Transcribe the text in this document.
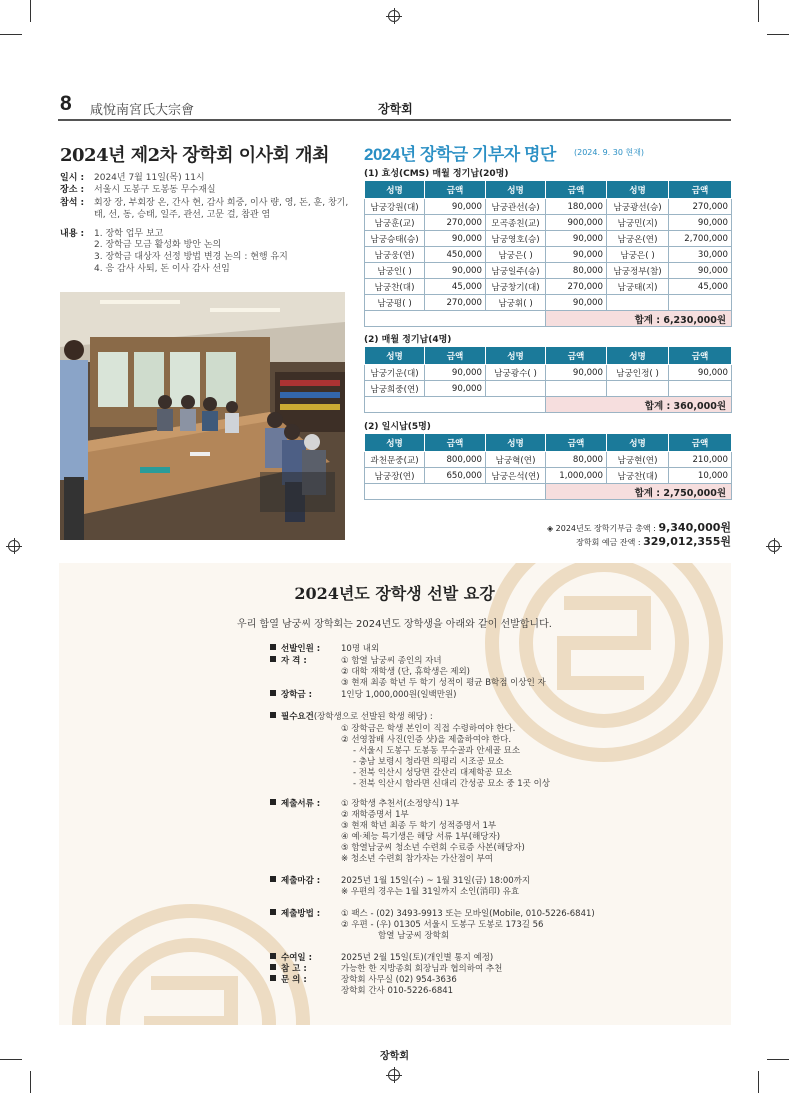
8 咸悅南宮氏大宗會	장학회
2024년 제2차 장학회 이사회 개최
일시 :	2024년 7월 11일(목) 11시
장소 :	서울시 도봉구 도봉동 무수재실
참석 :	회장 장, 부회장 온, 간사 현, 감사 희중, 이사 량, 영, 돈, 훈, 창기,
태, 선, 동, 승태, 일주, 관선, 고문 걸, 참관 염
내용 :	1. 장학 업무 보고
2. 장학금 모금 활성화 방안 논의
3. 장학금 대상자 선정 방법 변경 논의 : 현행 유지
4. 응 감사 사퇴, 돈 이사 감사 선임
2024년 장학금 기부자 명단 (2024. 9. 30 현재)
(1) 효성(CMS) 매월 정기납(20명)
성명	금액	성명	금액	성명	금액
남궁강원(대)	90,000	남궁관선(승)	180,000	남궁광선(승)	270,000
남궁훈(교)	270,000	모곡종친(교)	900,000	남궁민(지)	90,000
남궁승태(승)	90,000	남궁영호(승)	90,000	남궁온(연)	2,700,000
남궁웅(연)	450,000	남궁은( )	90,000	남궁은( )	30,000
남궁인( )	90,000	남궁일주(승)	80,000	남궁정부(참)	90,000
남궁찬(대)	45,000	남궁창기(대)	270,000	남궁태(지)	45,000
남궁평( )	270,000	남궁휘( )	90,000		
			합계 : 6,230,000원		
(2) 매월 정기납(4명)
성명	금액	성명	금액	성명	금액
남궁기운(대)	90,000	남궁광수( )	90,000	남궁인정( )	90,000
남궁희중(연)	90,000				
			합계 : 360,000원		
(2) 일시납(5명)
성명	금액	성명	금액	성명	금액
과천문중(교)	800,000	남궁혁(연)	80,000	남궁현(연)	210,000
남궁장(연)	650,000	남궁은석(연)	1,000,000	남궁찬(대)	10,000
			합계 : 2,750,000원		
◈ 2024년도 장학기부금 총액 : 9,340,000원
장학회 예금 잔액 : 329,012,355원
2024년도 장학생 선발 요강
우리 함열 남궁씨 장학회는 2024년도 장학생을 아래와 같이 선발합니다.
선발인원 : 10명 내외
자 격 :	① 함열 남궁씨 종인의 자녀
② 대학 재학생 (단, 휴학생은 제외)
③ 현재 최종 학년 두 학기 성적이 평균 B학점 이상인 자
장학금 :	1인당 1,000,000원(일백만원)
필수요건(장학생으로 선발된 학생 해당) :
① 장학금은 학생 본인이 직접 수령하여야 한다.
② 선영참배 사진(인증 샷)을 제출하여야 한다.
- 서울시 도봉구 도봉동 무수골과 안세골 묘소
- 충남 보령시 청라면 의평리 시조공 묘소
- 전북 익산시 성당면 갈산리 대제학공 묘소
- 전북 익산시 함라면 신대리 간성공 묘소 중 1곳 이상
제출서류 : ① 장학생 추천서(소정양식) 1부
② 재학증명서 1부
③ 현재 학년 최종 두 학기 성적증명서 1부
④ 예·체능 특기생은 해당 서류 1부(해당자)
⑤ 함열남궁씨 청소년 수련회 수료증 사본(해당자)
※ 청소년 수련회 참가자는 가산점이 부여
제출마감 : 2025년 1월 15일(수) ~ 1월 31일(금) 18:00까지
※ 우편의 경우는 1월 31일까지 소인(消印) 유효
제출방법 : ① 팩스 - (02) 3493-9913 또는 모바일(Mobile, 010-5226-6841)
② 우편 - (우) 01305 서울시 도봉구 도봉로 173길 56
함열 남궁씨 장학회
수여일 :	2025년 2월 15일(토)(개인별 통지 예정)
참 고 :	가능한 한 지방종회 회장님과 협의하여 추천
문 의 :	장학회 사무실 (02) 954-3636
장학회 간사 010-5226-6841
장학회
